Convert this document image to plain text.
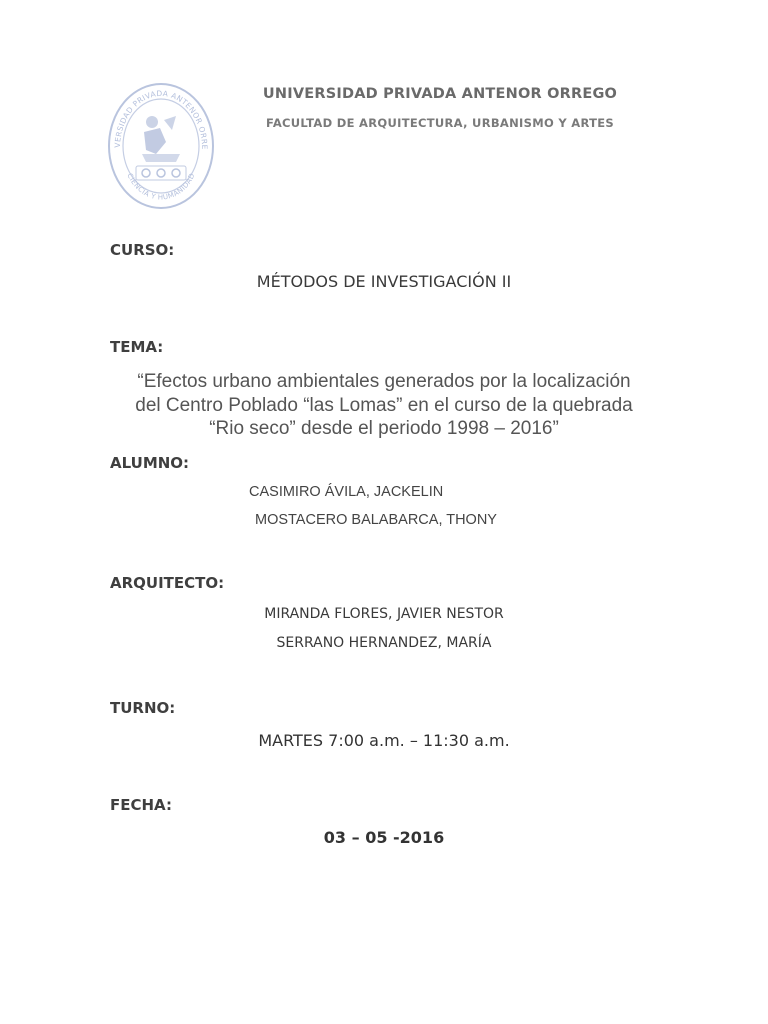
VERSIDAD PRIVADA ANTENOR ORRE
CIENCIA Y HUMANIDAD
UNIVERSIDAD PRIVADA ANTENOR ORREGO
FACULTAD DE ARQUITECTURA, URBANISMO Y ARTES
CURSO:
MÉTODOS DE INVESTIGACIÓN II
TEMA:
“Efectos urbano ambientales generados por la localización
del Centro Poblado “las Lomas” en el curso de la quebrada
“Rio seco” desde el periodo 1998 – 2016”
ALUMNO:
CASIMIRO ÁVILA, JACKELIN
MOSTACERO BALABARCA, THONY
ARQUITECTO:
MIRANDA FLORES, JAVIER NESTOR
SERRANO HERNANDEZ, MARÍA
TURNO:
MARTES 7:00 a.m. – 11:30 a.m.
FECHA:
03 – 05 -2016
